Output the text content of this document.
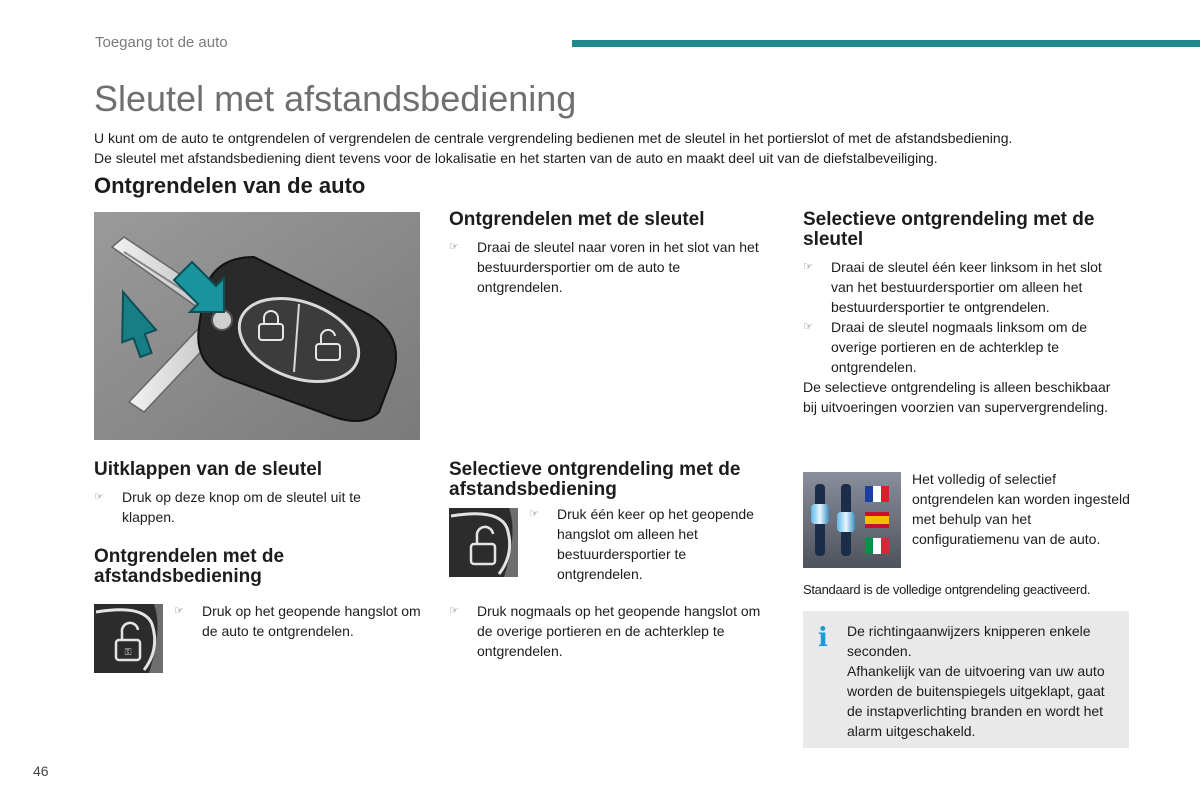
Toegang tot de auto
Sleutel met afstandsbediening

U kunt om de auto te ontgrendelen of vergrendelen de centrale vergrendeling bedienen met de sleutel in het portierslot of met de afstandsbediening.

De sleutel met afstandsbediening dient tevens voor de lokalisatie en het starten van de auto en maakt deel uit van de diefstalbeveiliging.

Ontgrendelen van de auto
Uitklappen van de sleutel

☞ Druk op deze knop om de sleutel uit te klappen.

Ontgrendelen met de afstandsbediening
⚿

☞ Druk op het geopende hangslot om de auto te ontgrendelen.

Ontgrendelen met de sleutel

☞ Draai de sleutel naar voren in het slot van het bestuurdersportier om de auto te ontgrendelen.

Selectieve ontgrendeling met de afstandsbediening

☞ Druk één keer op het geopende hangslot om alleen het bestuurdersportier te ontgrendelen.

☞ Druk nogmaals op het geopende hangslot om de overige portieren en de achterklep te ontgrendelen.

Selectieve ontgrendeling met de sleutel

☞ Draai de sleutel één keer linksom in het slot van het bestuurdersportier om alleen het bestuurdersportier te ontgrendelen.

☞ Draai de sleutel nogmaals linksom om de overige portieren en de achterklep te ontgrendelen.

De selectieve ontgrendeling is alleen beschikbaar bij uitvoeringen voorzien van supervergrendeling.

Het volledig of selectief ontgrendelen kan worden ingesteld met behulp van het configuratiemenu van de auto.
Standaard is de volledige ontgrendeling geactiveerd.
i De richtingaanwijzers knipperen enkele seconden.

Afhankelijk van de uitvoering van uw auto worden de buitenspiegels uitgeklapt, gaat de instapverlichting branden en wordt het alarm uitgeschakeld.

46
